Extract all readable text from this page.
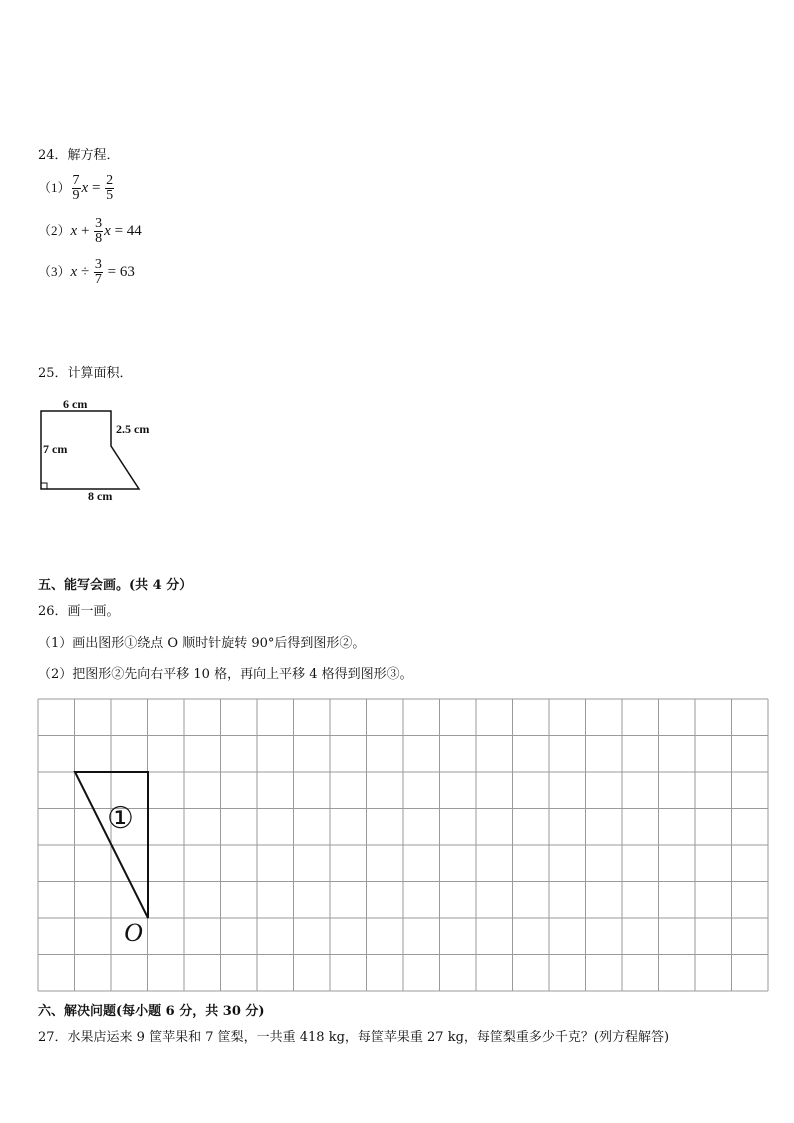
24．解方程．
$(1) \frac{7}{9}$ $x = \frac{2}{5}$
$(2)x + \frac{3}{8}$ x = 44
$(3)x \div \frac{3}{7} = 63$
25．计算面积．
6 cm
2.5 cm
7 cm
8 cm
五、能写会画。(共 4 分）
26．画一画。
（1）画出图形①绕点 O 顺时针旋转 90°后得到图形②。
（2）把图形②先向右平移 10 格，再向上平移 4 格得到图形③。
①
O
六、解决问题(每小题 6 分，共 30 分)
27．水果店运来 9 筐苹果和 7 筐梨，一共重 418 kg，每筐苹果重 27 kg，每筐梨重多少千克？(列方程解答)
